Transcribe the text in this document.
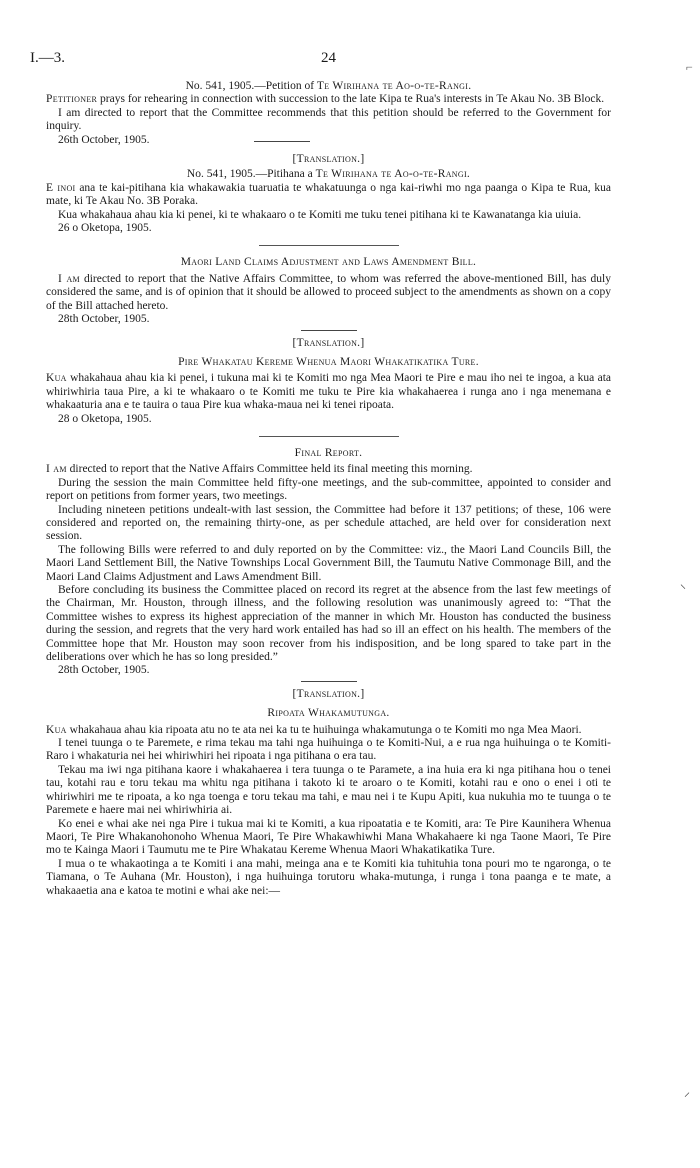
⌐
⸌
⸍
I.—3.	24

No. 541, 1905.—Petition of Te Wirihana te Ao-o-te-Rangi.

Petitioner prays for rehearing in connection with succession to the late Kipa te Rua's interests in Te Akau No. 3B Block.

I am directed to report that the Committee recommends that this petition should be referred to the Government for inquiry.

26th October, 1905.

[Translation.]

No. 541, 1905.—Pitihana a Te Wirihana te Ao-o-te-Rangi.

E inoi ana te kai-pitihana kia whakawakia tuaruatia te whakatuunga o nga kai-riwhi mo nga paanga o Kipa te Rua, kua mate, ki Te Akau No. 3B Poraka.

Kua whakahaua ahau kia ki penei, ki te whakaaro o te Komiti me tuku tenei pitihana ki te Kawanatanga kia uiuia.

26 o Oketopa, 1905.

Maori Land Claims Adjustment and Laws Amendment Bill.

I am directed to report that the Native Affairs Committee, to whom was referred the above-mentioned Bill, has duly considered the same, and is of opinion that it should be allowed to proceed subject to the amendments as shown on a copy of the Bill attached hereto.

28th October, 1905.

[Translation.]

Pire Whakatau Kereme Whenua Maori Whakatikatika Ture.

Kua whakahaua ahau kia ki penei, i tukuna mai ki te Komiti mo nga Mea Maori te Pire e mau iho nei te ingoa, a kua ata whiriwhiria taua Pire, a ki te whakaaro o te Komiti me tuku te Pire kia whakahaerea i runga ano i nga menemana e whakaaturia ana e te tauira o taua Pire kua whaka-maua nei ki tenei ripoata.

28 o Oketopa, 1905.

Final Report.

I am directed to report that the Native Affairs Committee held its final meeting this morning.

During the session the main Committee held fifty-one meetings, and the sub-committee, appointed to consider and report on petitions from former years, two meetings.

Including nineteen petitions undealt-with last session, the Committee had before it 137 petitions; of these, 106 were considered and reported on, the remaining thirty-one, as per schedule attached, are held over for consideration next session.

The following Bills were referred to and duly reported on by the Committee: viz., the Maori Land Councils Bill, the Maori Land Settlement Bill, the Native Townships Local Government Bill, the Taumutu Native Commonage Bill, and the Maori Land Claims Adjustment and Laws Amendment Bill.

Before concluding its business the Committee placed on record its regret at the absence from the last few meetings of the Chairman, Mr. Houston, through illness, and the following resolution was unanimously agreed to: “That the Committee wishes to express its highest appreciation of the manner in which Mr. Houston has conducted the business during the session, and regrets that the very hard work entailed has had so ill an effect on his health. The members of the Committee hope that Mr. Houston may soon recover from his indisposition, and be long spared to take part in the deliberations over which he has so long presided.”

28th October, 1905.

[Translation.]

Ripoata Whakamutunga.

Kua whakahaua ahau kia ripoata atu no te ata nei ka tu te huihuinga whakamutunga o te Komiti mo nga Mea Maori.

I tenei tuunga o te Paremete, e rima tekau ma tahi nga huihuinga o te Komiti-Nui, a e rua nga huihuinga o te Komiti-Raro i whakaturia nei hei whiriwhiri hei ripoata i nga pitihana o era tau.

Tekau ma iwi nga pitihana kaore i whakahaerea i tera tuunga o te Paramete, a ina huia era ki nga pitihana hou o tenei tau, kotahi rau e toru tekau ma whitu nga pitihana i takoto ki te aroaro o te Komiti, kotahi rau e ono o enei i oti te whiriwhiri me te ripoata, a ko nga toenga e toru tekau ma tahi, e mau nei i te Kupu Apiti, kua nukuhia mo te tuunga o te Paremete e haere mai nei whiriwhiria ai.

Ko enei e whai ake nei nga Pire i tukua mai ki te Komiti, a kua ripoatatia e te Komiti, ara: Te Pire Kaunihera Whenua Maori, Te Pire Whakanohonoho Whenua Maori, Te Pire Whakawhiwhi Mana Whakahaere ki nga Taone Maori, Te Pire mo te Kainga Maori i Taumutu me te Pire Whakatau Kereme Whenua Maori Whakatikatika Ture.

I mua o te whakaotinga a te Komiti i ana mahi, meinga ana e te Komiti kia tuhituhia tona pouri mo te ngaronga, o te Tiamana, o Te Auhana (Mr. Houston), i nga huihuinga torutoru whaka-mutunga, i runga i tona paanga e te mate, a whakaaetia ana e katoa te motini e whai ake nei:—
